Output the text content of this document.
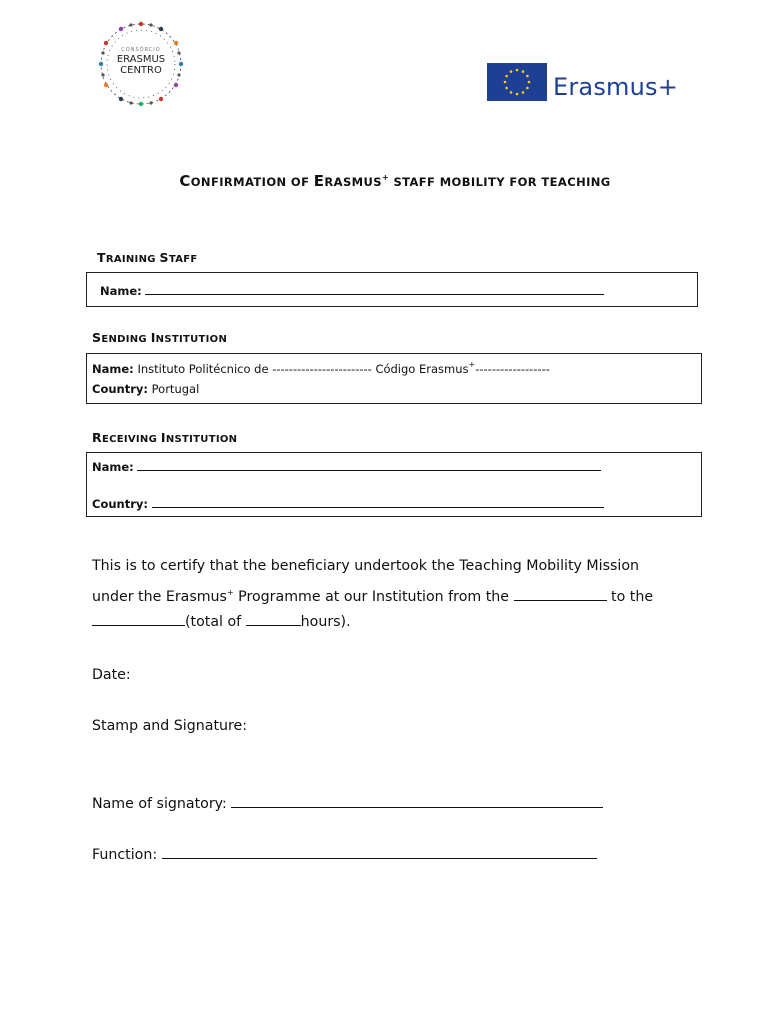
CONSÓRCIO
ERASMUS
CENTRO
Erasmus+
CONFIRMATION OF ERASMUS+ STAFF MOBILITY FOR TEACHING
TRAINING STAFF
Name:
SENDING INSTITUTION
Name: Instituto Politécnico de ------------------------ Código Erasmus+------------------
Country: Portugal
RECEIVING INSTITUTION
Name:
Country:
This is to certify that the beneficiary undertook the Teaching Mobility Mission
under the Erasmus+ Programme at our Institution from the	to the
(total of	hours).
Date:
Stamp and Signature:
Name of signatory:
Function:
